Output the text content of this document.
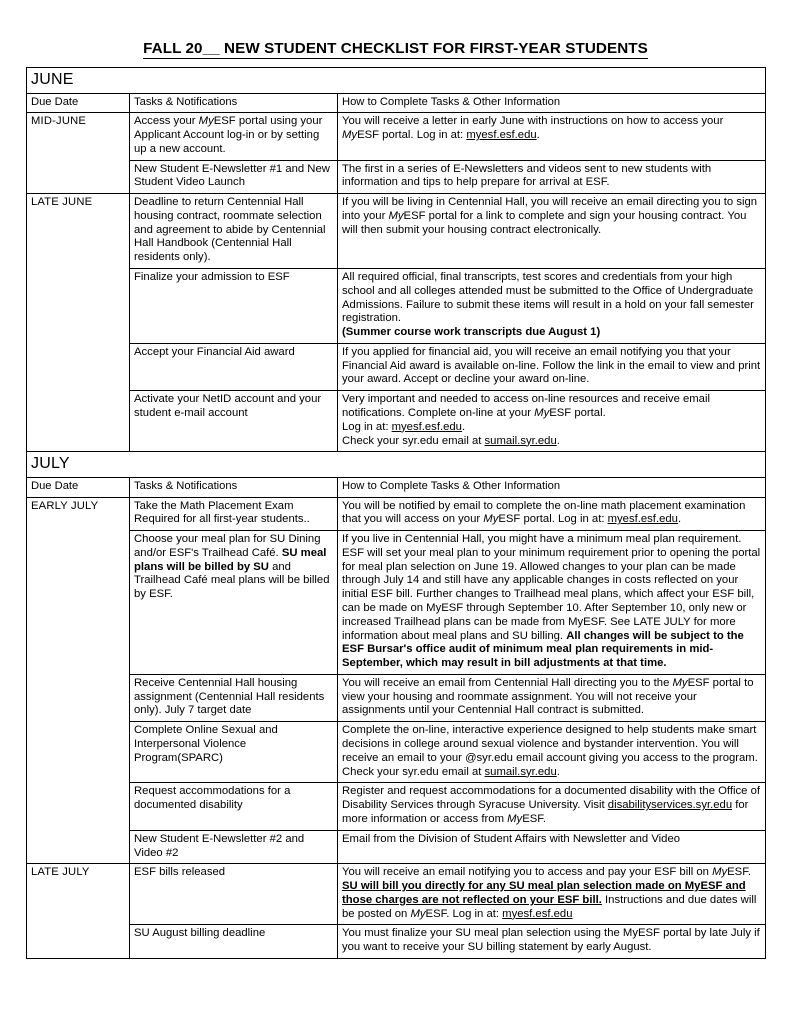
FALL 20__ NEW STUDENT CHECKLIST FOR FIRST-YEAR STUDENTS
JUNE		
Due Date	Tasks & Notifications	How to Complete Tasks & Other Information
MID-JUNE	Access your MyESF portal using your Applicant Account log-in or by setting up a new account.	You will receive a letter in early June with instructions on how to access your MyESF portal. Log in at: myesf.esf.edu.
	New Student E-Newsletter #1 and New Student Video Launch	The first in a series of E-Newsletters and videos sent to new students with information and tips to help prepare for arrival at ESF.
LATE JUNE	Deadline to return Centennial Hall housing contract, roommate selection and agreement to abide by Centennial Hall Handbook (Centennial Hall residents only).	If you will be living in Centennial Hall, you will receive an email directing you to sign into your MyESF portal for a link to complete and sign your housing contract. You will then submit your housing contract electronically.
	Finalize your admission to ESF	All required official, final transcripts, test scores and credentials from your high school and all colleges attended must be submitted to the Office of Undergraduate Admissions. Failure to submit these items will result in a hold on your fall semester registration.
(Summer course work transcripts due August 1)
	Accept your Financial Aid award	If you applied for financial aid, you will receive an email notifying you that your Financial Aid award is available on-line. Follow the link in the email to view and print your award. Accept or decline your award on-line.
	Activate your NetID account and your student e-mail account	Very important and needed to access on-line resources and receive email notifications. Complete on-line at your MyESF portal.
Log in at: myesf.esf.edu.
Check your syr.edu email at sumail.syr.edu.
JULY		
Due Date	Tasks & Notifications	How to Complete Tasks & Other Information
EARLY JULY	Take the Math Placement Exam Required for all first-year students..	You will be notified by email to complete the on-line math placement examination that you will access on your MyESF portal. Log in at: myesf.esf.edu.
	Choose your meal plan for SU Dining and/or ESF's Trailhead Café. SU meal plans will be billed by SU and Trailhead Café meal plans will be billed by ESF.	If you live in Centennial Hall, you might have a minimum meal plan requirement. ESF will set your meal plan to your minimum requirement prior to opening the portal for meal plan selection on June 19. Allowed changes to your plan can be made through July 14 and still have any applicable changes in costs reflected on your initial ESF bill. Further changes to Trailhead meal plans, which affect your ESF bill, can be made on MyESF through September 10. After September 10, only new or increased Trailhead plans can be made from MyESF. See LATE JULY for more information about meal plans and SU billing. All changes will be subject to the ESF Bursar's office audit of minimum meal plan requirements in mid-September, which may result in bill adjustments at that time.
	Receive Centennial Hall housing assignment (Centennial Hall residents only). July 7 target date	You will receive an email from Centennial Hall directing you to the MyESF portal to view your housing and roommate assignment. You will not receive your assignments until your Centennial Hall contract is submitted.
	Complete Online Sexual and Interpersonal Violence Program(SPARC)	Complete the on-line, interactive experience designed to help students make smart decisions in college around sexual violence and bystander intervention. You will receive an email to your @syr.edu email account giving you access to the program. Check your syr.edu email at sumail.syr.edu.
	Request accommodations for a documented disability	Register and request accommodations for a documented disability with the Office of Disability Services through Syracuse University. Visit disabilityservices.syr.edu for more information or access from MyESF.
	New Student E-Newsletter #2 and Video #2	Email from the Division of Student Affairs with Newsletter and Video
LATE JULY	ESF bills released	You will receive an email notifying you to access and pay your ESF bill on MyESF. SU will bill you directly for any SU meal plan selection made on MyESF and those charges are not reflected on your ESF bill. Instructions and due dates will be posted on MyESF. Log in at: myesf.esf.edu
	SU August billing deadline	You must finalize your SU meal plan selection using the MyESF portal by late July if you want to receive your SU billing statement by early August.
